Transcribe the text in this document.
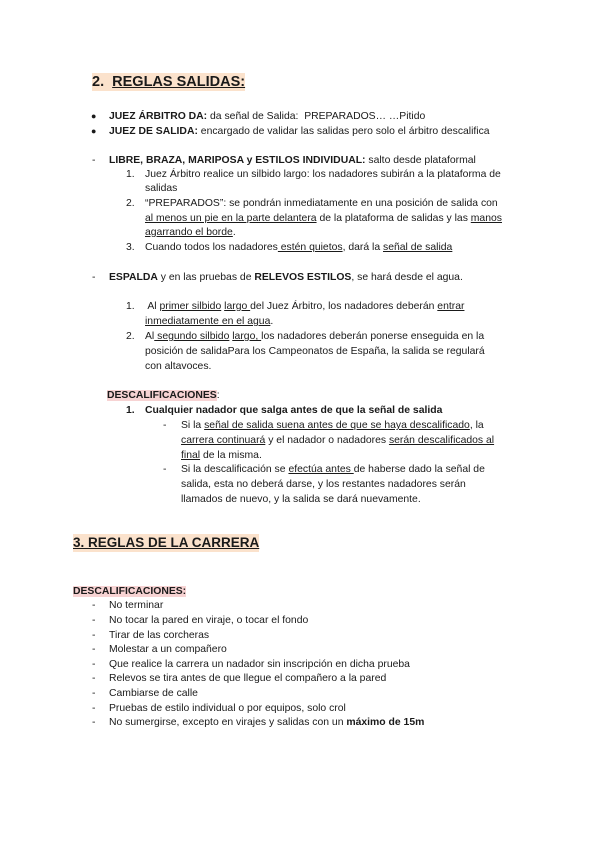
2. REGLAS SALIDAS:
● JUEZ ÁRBITRO DA: da señal de Salida:  PREPARADOS… …Pitido
● JUEZ DE SALIDA: encargado de validar las salidas pero solo el árbitro descalifica
- LIBRE, BRAZA, MARIPOSA y ESTILOS INDIVIDUAL: salto desde plataformal
1. Juez Árbitro realice un silbido largo: los nadadores subirán a la plataforma de
salidas
2. “PREPARADOS”: se pondrán inmediatamente en una posición de salida con
al menos un pie en la parte delantera de la plataforma de salidas y las manos
agarrando el borde.
3. Cuando todos los nadadores estén quietos, dará la señal de salida
- ESPALDA y en las pruebas de RELEVOS ESTILOS, se hará desde el agua.
1. Al primer silbido largo del Juez Árbitro, los nadadores deberán entrar
inmediatamente en el agua.
2. Al segundo silbido largo, los nadadores deberán ponerse enseguida en la
posición de salidaPara los Campeonatos de España, la salida se regulará
con altavoces.
DESCALIFICACIONES:
1. Cualquier nadador que salga antes de que la señal de salida
- Si la señal de salida suena antes de que se haya descalificado, la
carrera continuará y el nadador o nadadores serán descalificados al
final de la misma.
- Si la descalificación se efectúa antes de haberse dado la señal de
salida, esta no deberá darse, y los restantes nadadores serán
llamados de nuevo, y la salida se dará nuevamente.
3. REGLAS DE LA CARRERA
DESCALIFICACIONES:
- No terminar
- No tocar la pared en viraje, o tocar el fondo
- Tirar de las corcheras
- Molestar a un compañero
- Que realice la carrera un nadador sin inscripción en dicha prueba
- Relevos se tira antes de que llegue el compañero a la pared
- Cambiarse de calle
- Pruebas de estilo individual o por equipos, solo crol
- No sumergirse, excepto en virajes y salidas con un máximo de 15m
